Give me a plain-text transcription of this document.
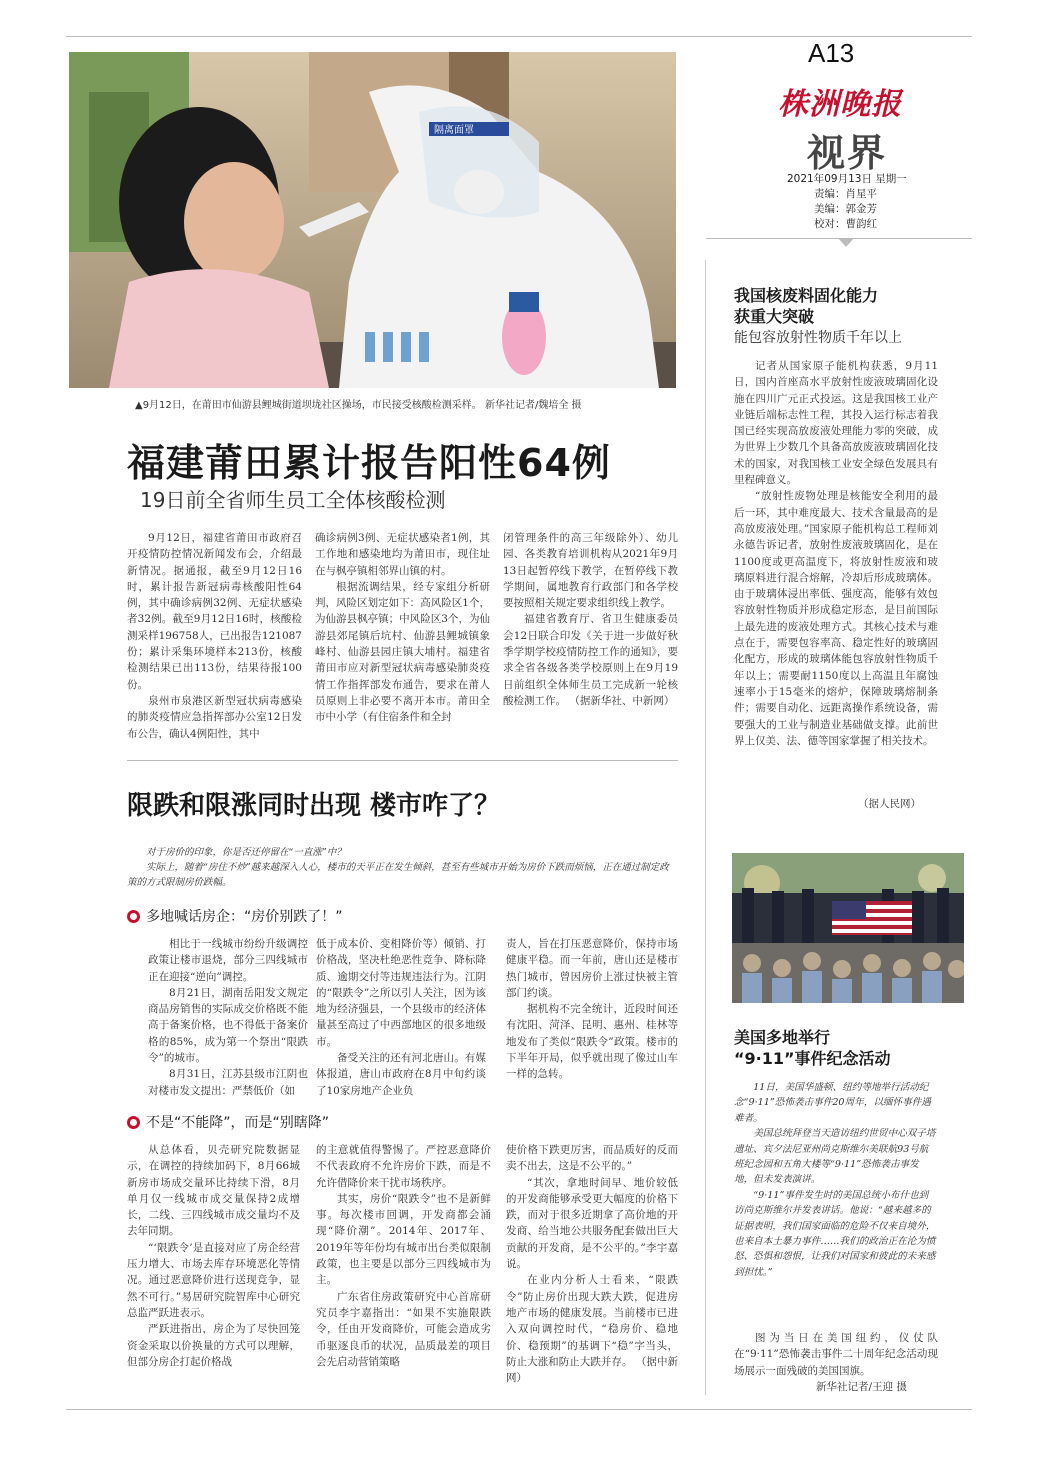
A13
株洲晚报
视界
2021年09月13日 星期一
责编：肖星平
美编：郭金芳
校对：曹韵红
隔离面罩
▲9月12日，在莆田市仙游县鲤城街道坝垅社区操场，市民接受核酸检测采样。 新华社记者/魏培全 摄
福建莆田累计报告阳性64例
19日前全省师生员工全体核酸检测

9月12日，福建省莆田市政府召开疫情防控情况新闻发布会，介绍最新情况。据通报，截至9月12日16时，累计报告新冠病毒核酸阳性64例，其中确诊病例32例、无症状感染者32例。截至9月12日16时，核酸检测采样196758人，已出报告121087份；累计采集环境样本213份，核酸检测结果已出113份，结果待报100份。

泉州市泉港区新型冠状病毒感染的肺炎疫情应急指挥部办公室12日发布公告，确认4例阳性，其中

确诊病例3例、无症状感染者1例，其工作地和感染地均为莆田市，现住址在与枫亭镇相邻界山镇的村。

根据流调结果，经专家组分析研判，风险区划定如下：高风险区1个，为仙游县枫亭镇；中风险区3个，为仙游县郊尾镇后坑村、仙游县鲤城镇象峰村、仙游县园庄镇大埔村。福建省莆田市应对新型冠状病毒感染肺炎疫情工作指挥部发布通告，要求在莆人员原则上非必要不离开本市。莆田全市中小学（有住宿条件和全封

闭管理条件的高三年级除外）、幼儿园、各类教育培训机构从2021年9月13日起暂停线下教学，在暂停线下教学期间，属地教育行政部门和各学校要按照相关规定要求组织线上教学。

福建省教育厅、省卫生健康委员会12日联合印发《关于进一步做好秋季学期学校疫情防控工作的通知》，要求全省各级各类学校原则上在9月19日前组织全体师生员工完成新一轮核酸检测工作。 （据新华社、中新网）

限跌和限涨同时出现 楼市咋了？

对于房价的印象，你是否还停留在“一直涨”中？

实际上，随着“房住不炒”越来越深入人心，楼市的天平正在发生倾斜，甚至有些城市开始为房价下跌而烦恼，正在通过制定政策的方式限制房价跌幅。

多地喊话房企：“房价别跌了！”

相比于一线城市纷纷升级调控政策让楼市退烧，部分三四线城市正在迎接“逆向”调控。

8月21日，湖南岳阳发文规定商品房销售的实际成交价格既不能高于备案价格，也不得低于备案价格的85%，成为第一个祭出“限跌令”的城市。

8月31日，江苏县级市江阴也对楼市发文提出：严禁低价（如

低于成本价、变相降价等）倾销、打价格战，坚决杜绝恶性竞争、降标降质、逾期交付等违规违法行为。江阴的“限跌令”之所以引人关注，因为该地为经济强县，一个县级市的经济体量甚至高过了中西部地区的很多地级市。

备受关注的还有河北唐山。有媒体报道，唐山市政府在8月中旬约谈了10家房地产企业负

责人，旨在打压恶意降价，保持市场健康平稳。而一年前，唐山还是楼市热门城市，曾因房价上涨过快被主管部门约谈。

据机构不完全统计，近段时间还有沈阳、菏泽、昆明、惠州、桂林等地发布了类似“限跌令”政策。楼市的下半年开局，似乎就出现了像过山车一样的急转。

不是“不能降”，而是“别瞎降”

从总体看，贝壳研究院数据显示，在调控的持续加码下，8月66城新房市场成交量环比持续下滑，8月单月仅一线城市成交量保持2成增长，二线、三四线城市成交量均不及去年同期。

“‘限跌令’是直接对应了房企经营压力增大、市场去库存环境恶化等情况。通过恶意降价进行送现竞争，显然不可行。”易居研究院智库中心研究总监严跃进表示。

严跃进指出，房企为了尽快回笼资金采取以价换量的方式可以理解，但部分房企打起价格战

的主意就值得警惕了。严控恶意降价不代表政府不允许房价下跌，而是不允许借降价来干扰市场秩序。

其实，房价“限跌令”也不是新鲜事。每次楼市回调，开发商都会涌现“降价潮”。2014年、2017年、2019年等年份均有城市出台类似限制政策，也主要是以部分三四线城市为主。

广东省住房政策研究中心首席研究员李宇嘉指出：“如果不实施限跌令，任由开发商降价，可能会造成劣币驱逐良币的状况，品质最差的项目会先启动营销策略

使价格下跌更厉害，而品质好的反而卖不出去，这是不公平的。”

“其次，拿地时间早、地价较低的开发商能够承受更大幅度的价格下跌，而对于很多近期拿了高价地的开发商、给当地公共服务配套做出巨大贡献的开发商，是不公平的。”李宇嘉说。

在业内分析人士看来，“限跌令”防止房价出现大跌大跌，促进房地产市场的健康发展。当前楼市已进入双向调控时代，“稳房价、稳地价、稳预期”的基调下“稳”字当头，防止大涨和防止大跌并存。 （据中新网）

我国核废料固化能力
获重大突破
能包容放射性物质千年以上

记者从国家原子能机构获悉，9月11日，国内首座高水平放射性废液玻璃固化设施在四川广元正式投运。这是我国核工业产业链后端标志性工程，其投入运行标志着我国已经实现高放废液处理能力零的突破，成为世界上少数几个具备高放废液玻璃固化技术的国家，对我国核工业安全绿色发展具有里程碑意义。

“放射性废物处理是核能安全利用的最后一环，其中难度最大、技术含量最高的是高放废液处理。”国家原子能机构总工程师刘永德告诉记者，放射性废液玻璃固化，是在1100度或更高温度下，将放射性废液和玻璃原料进行混合熔解，冷却后形成玻璃体。由于玻璃体浸出率低、强度高，能够有效包容放射性物质并形成稳定形态，是目前国际上最先进的废液处理方式。其核心技术与难点在于，需要包容率高、稳定性好的玻璃固化配方，形成的玻璃体能包容放射性物质千年以上；需要耐1150度以上高温且年腐蚀速率小于15毫米的熔炉，保障玻璃熔制条件；需要自动化、远距离操作系统设备，需要强大的工业与制造业基础做支撑。此前世界上仅美、法、德等国家掌握了相关技术。

（据人民网）
美国多地举行
“9·11”事件纪念活动

11日，美国华盛顿、纽约等地举行活动纪念“9·11”恐怖袭击事件20周年，以缅怀事件遇难者。

美国总统拜登当天造访纽约世贸中心双子塔遗址、宾夕法尼亚州尚克斯维尔美联航93号航班纪念园和五角大楼等“9·11”恐怖袭击事发地，但未发表演讲。

“9·11”事件发生时的美国总统小布什也到访尚克斯维尔并发表讲话。他说：“越来越多的证据表明，我们国家面临的危险不仅来自境外，也来自本土暴力事件……我们的政治正在沦为愤怒、恐惧和怨恨，让我们对国家和彼此的未来感到担忧。”

图为当日在美国纽约，仪仗队在“9·11”恐怖袭击事件二十周年纪念活动现场展示一面残破的美国国旗。

新华社记者/王迎 摄
